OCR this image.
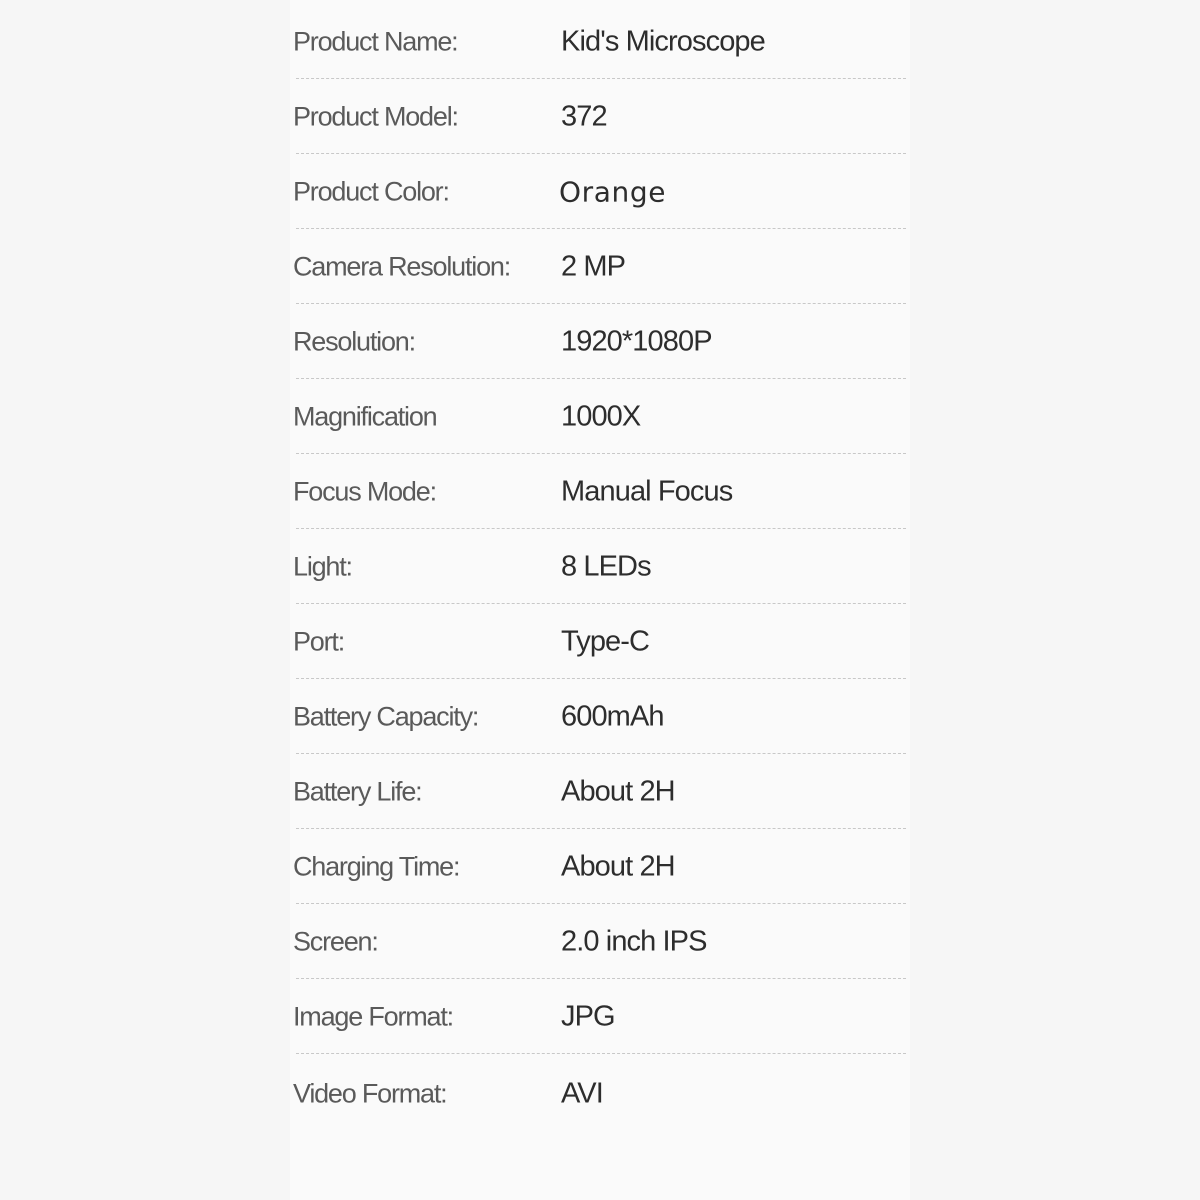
Product Name:	Kid's Microscope
Product Model:	372
Product Color:	Orange
Camera Resolution: 2 MP
Resolution:	1920*1080P
Magnification	1000X
Focus Mode:	Manual Focus
Light:	8 LEDs
Port:	Type-C
Battery Capacity:	600mAh
Battery Life:	About 2H
Charging Time:	About 2H
Screen:	2.0 inch IPS
Image Format:	JPG
Video Format:	AVI
